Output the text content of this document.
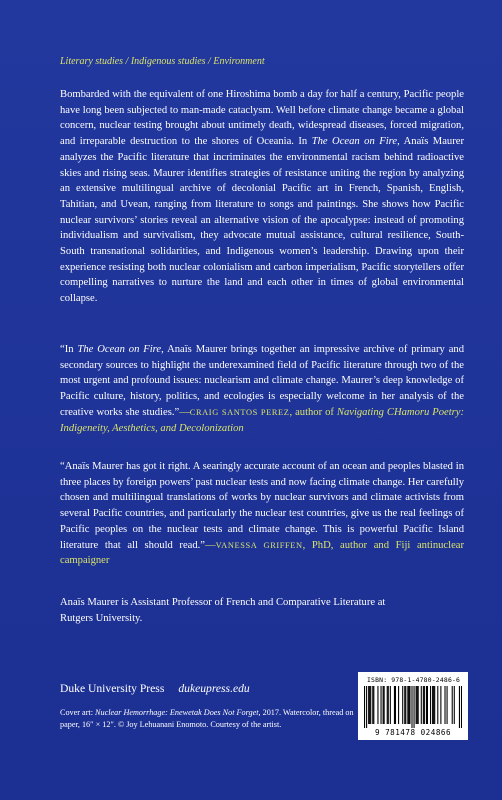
Literary studies / Indigenous studies / Environment
Bombarded with the equivalent of one Hiroshima bomb a day for half a century, Pacific people have long been subjected to man-made cataclysm. Well before climate change became a global concern, nuclear testing brought about untimely death, widespread diseases, forced migration, and irreparable destruction to the shores of Oceania. In The Ocean on Fire, Anaïs Maurer analyzes the Pacific literature that incriminates the environmental racism behind radioactive skies and rising seas. Maurer identifies strategies of resistance uniting the region by analyzing an extensive multilingual archive of decolonial Pacific art in French, Spanish, English, Tahitian, and Uvean, ranging from literature to songs and paintings. She shows how Pacific nuclear survivors’ stories reveal an alternative vision of the apocalypse: instead of promoting individualism and survivalism, they advocate mutual assistance, cultural resilience, South-South transnational solidarities, and Indigenous women’s leadership. Drawing upon their experience resisting both nuclear colonialism and carbon imperialism, Pacific storytellers offer compelling narratives to nurture the land and each other in times of global environmental collapse.
“In The Ocean on Fire, Anaïs Maurer brings together an impressive archive of primary and secondary sources to highlight the underexamined field of Pacific literature through two of the most urgent and profound issues: nuclearism and climate change. Maurer’s deep knowledge of Pacific culture, history, politics, and ecologies is especially welcome in her analysis of the creative works she studies.”—CRAIG SANTOS PEREZ, author of Navigating CHamoru Poetry: Indigeneity, Aesthetics, and Decolonization
“Anaïs Maurer has got it right. A searingly accurate account of an ocean and peoples blasted in three places by foreign powers’ past nuclear tests and now facing climate change. Her carefully chosen and multilingual translations of works by nuclear survivors and climate activists from several Pacific countries, and particularly the nuclear test countries, give us the real feelings of Pacific peoples on the nuclear tests and climate change. This is powerful Pacific Island literature that all should read.”—VANESSA GRIFFEN, PhD, author and Fiji antinuclear campaigner
Anaïs Maurer is Assistant Professor of French and Comparative Literature at Rutgers University.
Duke University Press dukeupress.edu
Cover art: Nuclear Hemorrhage: Enewetak Does Not Forget, 2017. Watercolor, thread on paper, 16″ × 12″. © Joy Lehuanani Enomoto. Courtesy of the artist.
ISBN: 978-1-4780-2486-6
9 781478 024866
